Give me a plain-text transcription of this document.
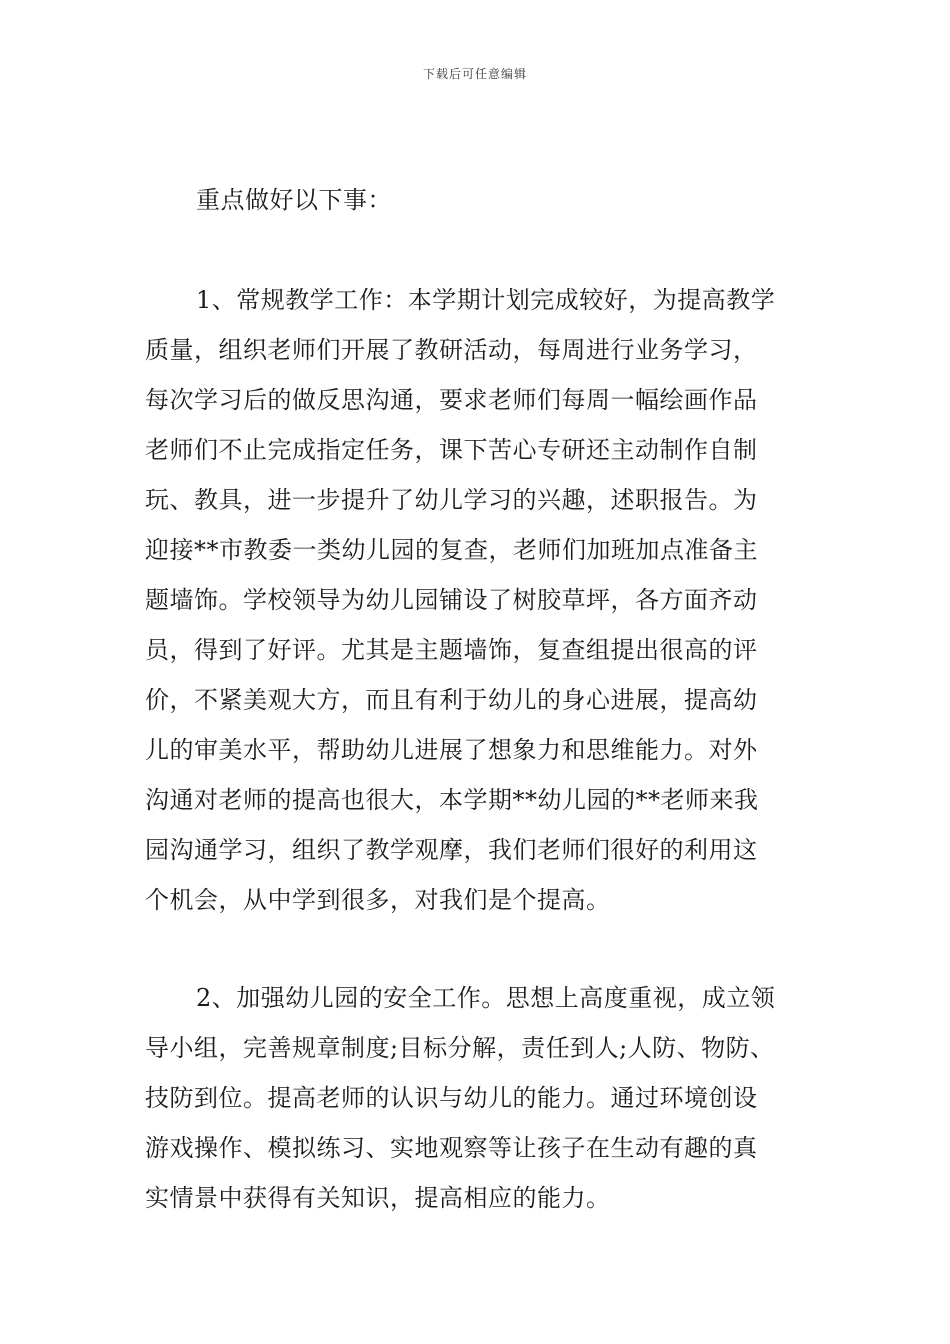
下载后可任意编辑
重点做好以下事：
1、常规教学工作：本学期计划完成较好，为提高教学
质量，组织老师们开展了教研活动，每周进行业务学习，
每次学习后的做反思沟通，要求老师们每周一幅绘画作品
老师们不止完成指定任务，课下苦心专研还主动制作自制
玩、教具，进一步提升了幼儿学习的兴趣，述职报告。为
迎接**市教委一类幼儿园的复查，老师们加班加点准备主
题墙饰。学校领导为幼儿园铺设了树胶草坪，各方面齐动
员，得到了好评。尤其是主题墙饰，复查组提出很高的评
价，不紧美观大方，而且有利于幼儿的身心进展，提高幼
儿的审美水平，帮助幼儿进展了想象力和思维能力。对外
沟通对老师的提高也很大，本学期**幼儿园的**老师来我
园沟通学习，组织了教学观摩，我们老师们很好的利用这
个机会，从中学到很多，对我们是个提高。
2、加强幼儿园的安全工作。思想上高度重视，成立领
导小组，完善规章制度;目标分解，责任到人;人防、物防、
技防到位。提高老师的认识与幼儿的能力。通过环境创设
游戏操作、模拟练习、实地观察等让孩子在生动有趣的真
实情景中获得有关知识，提高相应的能力。
